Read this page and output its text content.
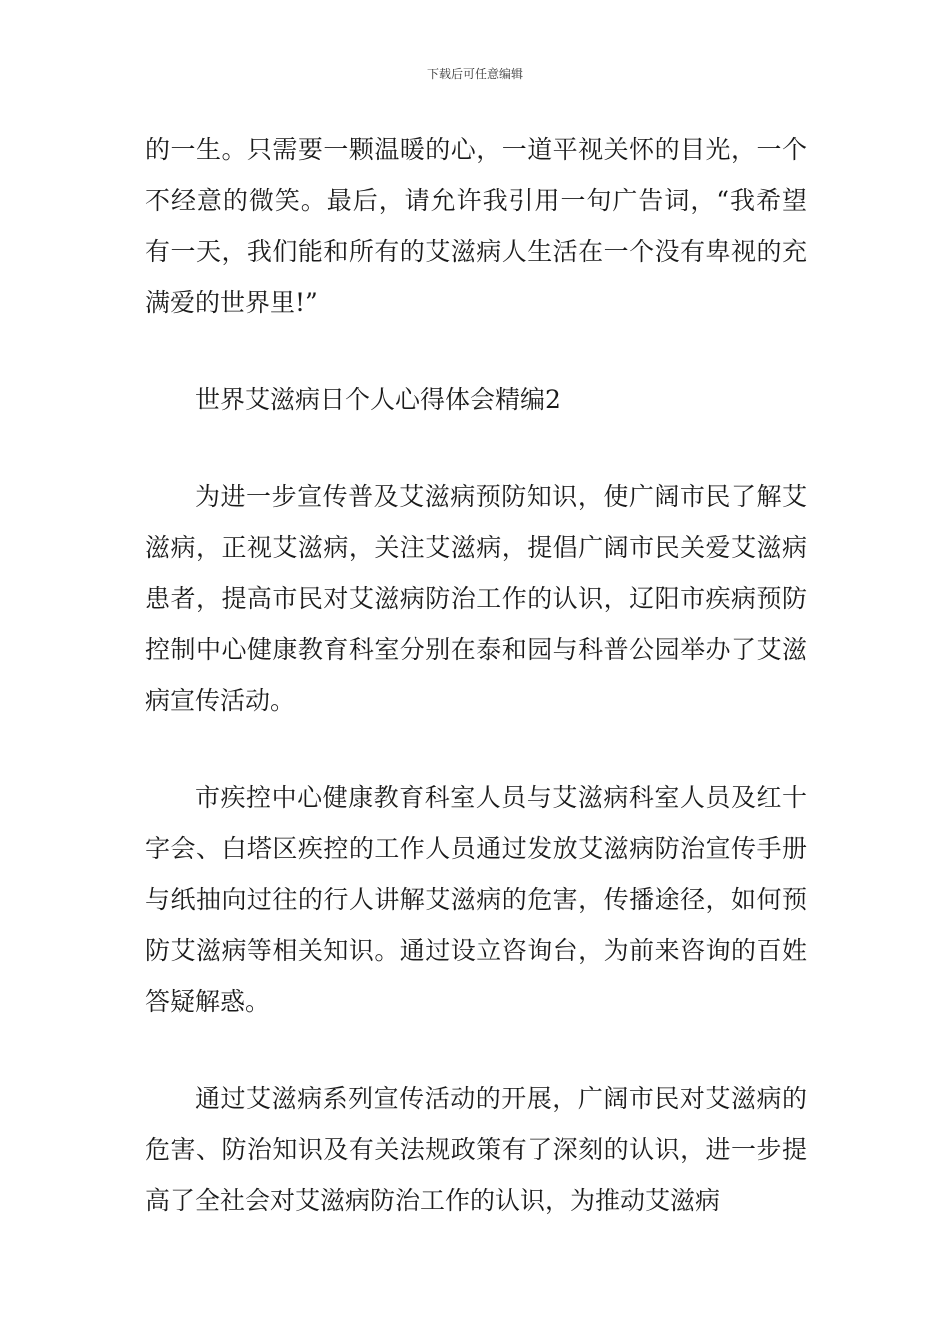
下载后可任意编辑

的一生。只需要一颗温暖的心，一道平视关怀的目光，一个不经意的微笑。最后，请允许我引用一句广告词，“我希望有一天，我们能和所有的艾滋病人生活在一个没有卑视的充满爱的世界里!”

世界艾滋病日个人心得体会精编2

为进一步宣传普及艾滋病预防知识，使广阔市民了解艾滋病，正视艾滋病，关注艾滋病，提倡广阔市民关爱艾滋病患者，提高市民对艾滋病防治工作的认识，辽阳市疾病预防控制中心健康教育科室分别在泰和园与科普公园举办了艾滋病宣传活动。

市疾控中心健康教育科室人员与艾滋病科室人员及红十字会、白塔区疾控的工作人员通过发放艾滋病防治宣传手册与纸抽向过往的行人讲解艾滋病的危害，传播途径，如何预防艾滋病等相关知识。通过设立咨询台，为前来咨询的百姓答疑解惑。

通过艾滋病系列宣传活动的开展，广阔市民对艾滋病的危害、防治知识及有关法规政策有了深刻的认识，进一步提高了全社会对艾滋病防治工作的认识，为推动艾滋病
